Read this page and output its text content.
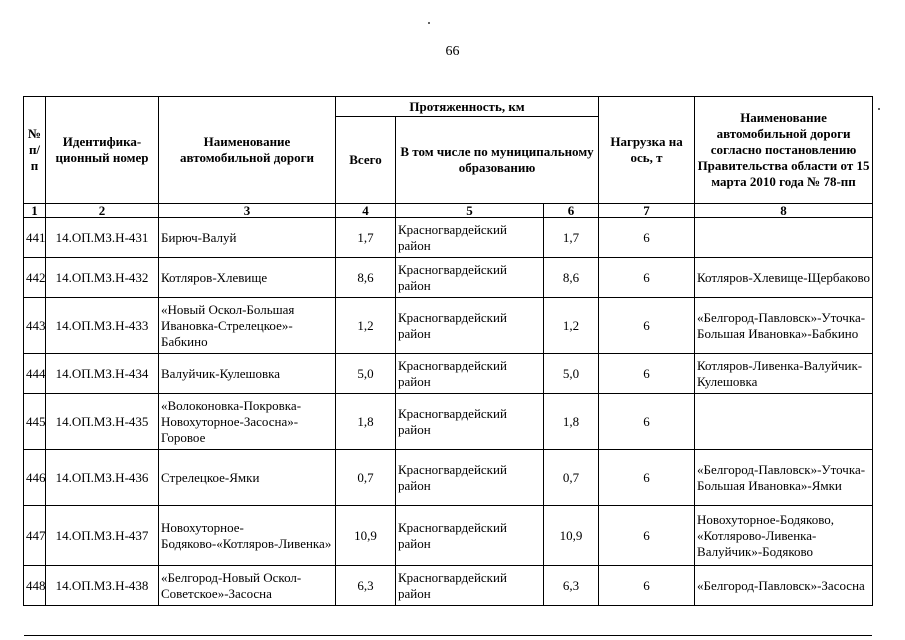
66
№ п/п	Идентифика-ционный номер	Наименование автомобильной дороги	Протяженность, км			Нагрузка на ось, т	Наименование автомобильной дороги согласно постановлению Правительства области от 15 марта 2010 года № 78-пп
			Всего	В том числе по муниципальному образованию			
1	2	3	4	5	6	7	8
441	14.ОП.МЗ.Н-431	Бирюч-Валуй	1,7	Красногвардейский район	1,7	6	
442	14.ОП.МЗ.Н-432	Котляров-Хлевище	8,6	Красногвардейский район	8,6	6	Котляров-Хлевище-Щербаково
443	14.ОП.МЗ.Н-433	«Новый Оскол-Большая Ивановка-Стрелецкое»-Бабкино	1,2	Красногвардейский район	1,2	6	«Белгород-Павловск»-Уточка-Большая Ивановка»-Бабкино
444	14.ОП.МЗ.Н-434	Валуйчик-Кулешовка	5,0	Красногвардейский район	5,0	6	Котляров-Ливенка-Валуйчик-Кулешовка
445	14.ОП.МЗ.Н-435	«Волоконовка-Покровка-Новохуторное-Засосна»-Горовое	1,8	Красногвардейский район	1,8	6	
446	14.ОП.МЗ.Н-436	Стрелецкое-Ямки	0,7	Красногвардейский район	0,7	6	«Белгород-Павловск»-Уточка-Большая Ивановка»-Ямки
447	14.ОП.МЗ.Н-437	Новохуторное-Бодяково-«Котляров-Ливенка»	10,9	Красногвардейский район	10,9	6	Новохуторное-Бодяково, «Котлярово-Ливенка-Валуйчик»-Бодяково
448	14.ОП.МЗ.Н-438	«Белгород-Новый Оскол-Советское»-Засосна	6,3	Красногвардейский район	6,3	6	«Белгород-Павловск»-Засосна
